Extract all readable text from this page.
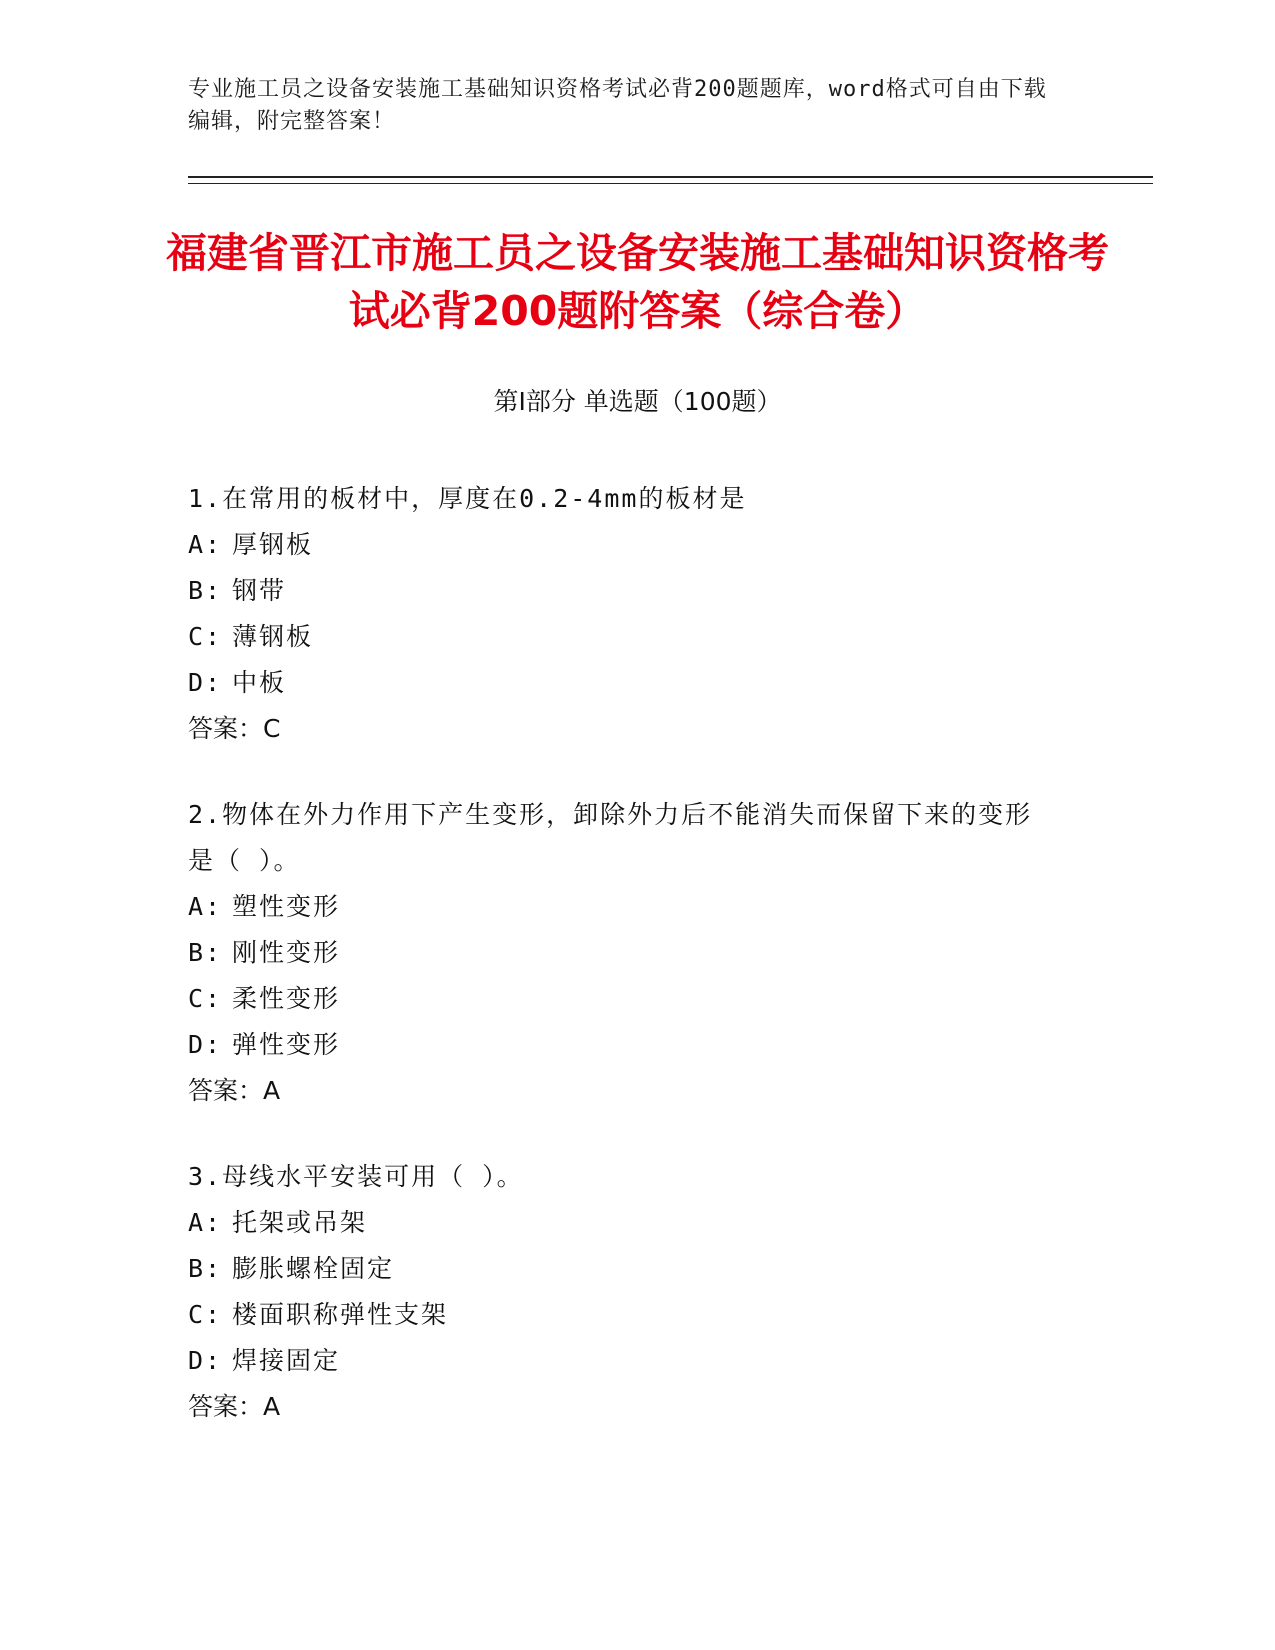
专业施工员之设备安装施工基础知识资格考试必背200题题库，word格式可自由下载编辑，附完整答案！
福建省晋江市施工员之设备安装施工基础知识资格考试必背200题附答案（综合卷）
第Ⅰ部分 单选题（100题）

1.在常用的板材中，厚度在0.2-4mm的板材是

A: 厚钢板

B: 钢带

C: 薄钢板

D: 中板

答案：C

2.物体在外力作用下产生变形，卸除外力后不能消失而保留下来的变形是（ ）。

A: 塑性变形

B: 刚性变形

C: 柔性变形

D: 弹性变形

答案：A

3.母线水平安装可用（ ）。

A: 托架或吊架

B: 膨胀螺栓固定

C: 楼面职称弹性支架

D: 焊接固定

答案：A
